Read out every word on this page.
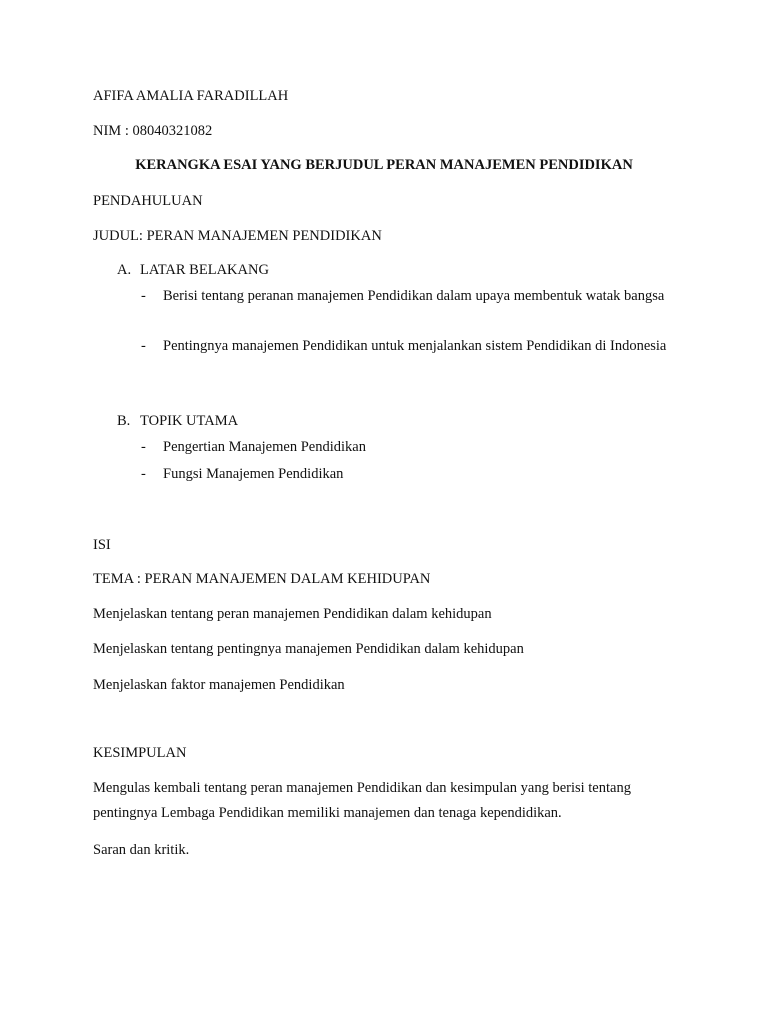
AFIFA AMALIA FARADILLAH
NIM : 08040321082
KERANGKA ESAI YANG BERJUDUL PERAN MANAJEMEN PENDIDIKAN
PENDAHULUAN
JUDUL: PERAN MANAJEMEN PENDIDIKAN
A. LATAR BELAKANG
- Berisi tentang peranan manajemen Pendidikan dalam upaya membentuk watak bangsa
- Pentingnya manajemen Pendidikan untuk menjalankan sistem Pendidikan di Indonesia
B. TOPIK UTAMA
- Pengertian Manajemen Pendidikan
- Fungsi Manajemen Pendidikan
ISI
TEMA : PERAN MANAJEMEN DALAM KEHIDUPAN
Menjelaskan tentang peran manajemen Pendidikan dalam kehidupan
Menjelaskan tentang pentingnya manajemen Pendidikan dalam kehidupan
Menjelaskan faktor manajemen Pendidikan
KESIMPULAN
Mengulas kembali tentang peran manajemen Pendidikan dan kesimpulan yang berisi tentang pentingnya Lembaga Pendidikan memiliki manajemen dan tenaga kependidikan.
Saran dan kritik.
